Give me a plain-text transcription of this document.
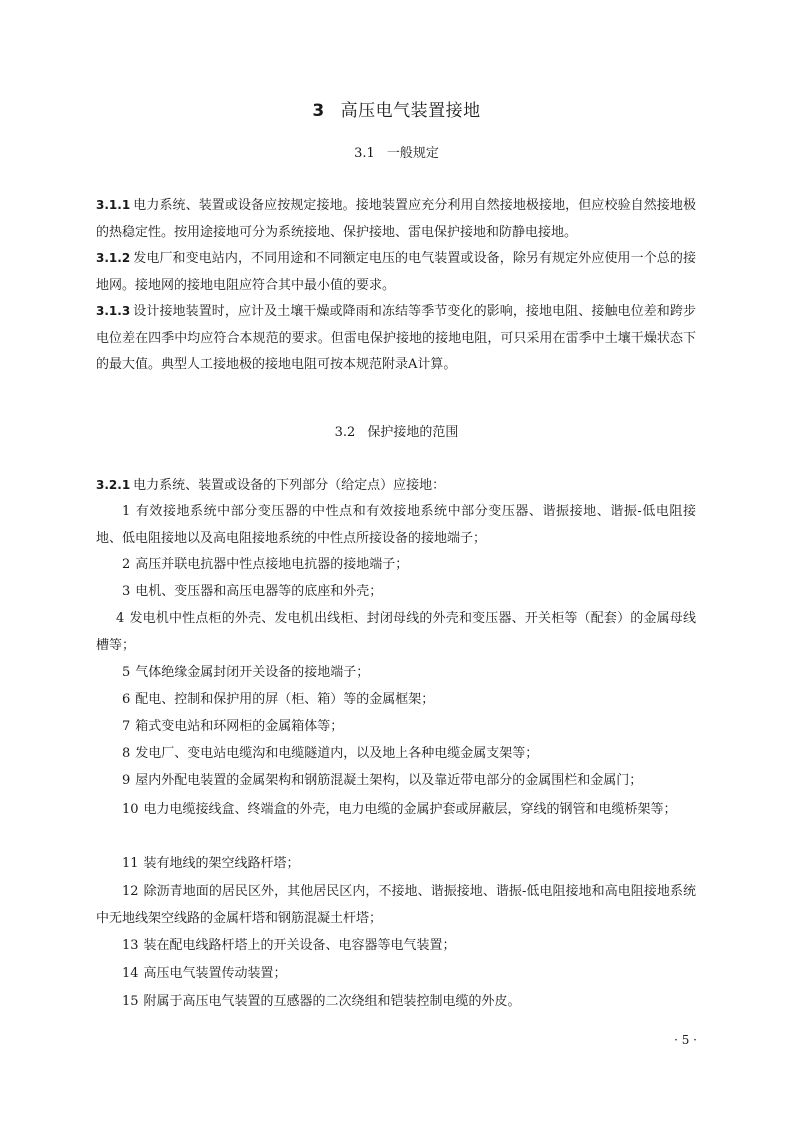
3 高压电气装置接地
3.1 一般规定
3.1.1 电力系统、装置或设备应按规定接地。接地装置应充分利用自然接地极接地，但应校验自然接地极的热稳定性。按用途接地可分为系统接地、保护接地、雷电保护接地和防静电接地。
3.1.2 发电厂和变电站内，不同用途和不同额定电压的电气装置或设备，除另有规定外应使用一个总的接地网。接地网的接地电阻应符合其中最小值的要求。
3.1.3 设计接地装置时，应计及土壤干燥或降雨和冻结等季节变化的影响，接地电阻、接触电位差和跨步电位差在四季中均应符合本规范的要求。但雷电保护接地的接地电阻，可只采用在雷季中土壤干燥状态下的最大值。典型人工接地极的接地电阻可按本规范附录A计算。
3.2 保护接地的范围
3.2.1 电力系统、装置或设备的下列部分（给定点）应接地：
1 有效接地系统中部分变压器的中性点和有效接地系统中部分变压器、谐振接地、谐振-低电阻接地、低电阻接地以及高电阻接地系统的中性点所接设备的接地端子；
2 高压并联电抗器中性点接地电抗器的接地端子；
3 电机、变压器和高压电器等的底座和外壳；
4 发电机中性点柜的外壳、发电机出线柜、封闭母线的外壳和变压器、开关柜等（配套）的金属母线槽等；
5 气体绝缘金属封闭开关设备的接地端子；
6 配电、控制和保护用的屏（柜、箱）等的金属框架；
7 箱式变电站和环网柜的金属箱体等；
8 发电厂、变电站电缆沟和电缆隧道内，以及地上各种电缆金属支架等；
9 屋内外配电装置的金属架构和钢筋混凝土架构，以及靠近带电部分的金属围栏和金属门；
10 电力电缆接线盒、终端盒的外壳，电力电缆的金属护套或屏蔽层，穿线的钢管和电缆桥架等；
11 装有地线的架空线路杆塔；
12 除沥青地面的居民区外，其他居民区内，不接地、谐振接地、谐振-低电阻接地和高电阻接地系统中无地线架空线路的金属杆塔和钢筋混凝土杆塔；
13 装在配电线路杆塔上的开关设备、电容器等电气装置；
14 高压电气装置传动装置；
15 附属于高压电气装置的互感器的二次绕组和铠装控制电缆的外皮。
· 5 ·
